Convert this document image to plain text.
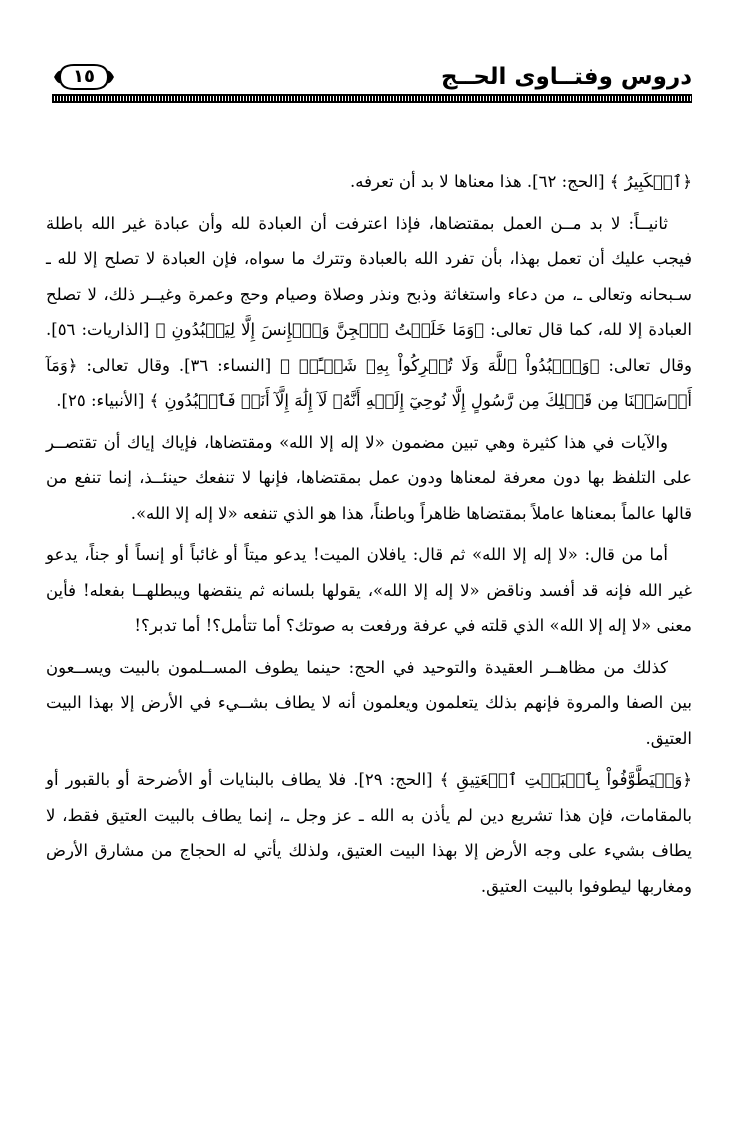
دروس وفتــاوى الحــج
١٥

﴿ٱلۡكَبِيرُ ﴾ [الحج: ٦٢]. هذا معناها لا بد أن تعرفه.

ثانيــاً: لا بد مــن العمل بمقتضاها، فإذا اعترفت أن العبادة لله وأن عبادة غير الله باطلة فيجب عليك أن تعمل بهذا، بأن تفرد الله بالعبادة وتترك ما سواه، فإن العبادة لا تصلح إلا لله ـ سـبحانه وتعالى ـ، من دعاء واستغاثة وذبح ونذر وصلاة وصيام وحج وعمرة وغيــر ذلك، لا تصلح العبادة إلا لله، كما قال تعالى: ﴿وَمَا خَلَقۡتُ ٱلۡجِنَّ وَٱلۡإِنسَ إِلَّا لِيَعۡبُدُونِ ﴾ [الذاريات: ٥٦]. وقال تعالى: ﴿وَٱعۡبُدُواْ ٱللَّهَ وَلَا تُشۡرِكُواْ بِهِۦ شَيۡـًٔاۖ ﴾ [النساء: ٣٦]. وقال تعالى: ﴿وَمَآ أَرۡسَلۡنَا مِن قَبۡلِكَ مِن رَّسُولٍ إِلَّا نُوحِيٓ إِلَيۡهِ أَنَّهُۥ لَآ إِلَٰهَ إِلَّآ أَنَا۠ فَٱعۡبُدُونِ ﴾ [الأنبياء: ٢٥].

والآيات في هذا كثيرة وهي تبين مضمون «لا إله إلا الله» ومقتضاها، فإياك إياك أن تقتصــر على التلفظ بها دون معرفة لمعناها ودون عمل بمقتضاها، فإنها لا تنفعك حينئــذ، إنما تنفع من قالها عالماً بمعناها عاملاً بمقتضاها ظاهراً وباطناً، هذا هو الذي تنفعه «لا إله إلا الله».

أما من قال: «لا إله إلا الله» ثم قال: يافلان الميت! يدعو ميتاً أو غائباً أو إنساً أو جناً، يدعو غير الله فإنه قد أفسد وناقض «لا إله إلا الله»، يقولها بلسانه ثم ينقضها ويبطلهــا بفعله! فأين معنى «لا إله إلا الله» الذي قلته في عرفة ورفعت به صوتك؟ أما تتأمل؟! أما تدبر؟!

كذلك من مظاهــر العقيدة والتوحيد في الحج: حينما يطوف المســلمون بالبيت ويســعون بين الصفا والمروة فإنهم بذلك يتعلمون ويعلمون أنه لا يطاف بشــيء في الأرض إلا بهذا البيت العتيق.

﴿وَلۡيَطَّوَّفُواْ بِٱلۡبَيۡتِ ٱلۡعَتِيقِ ﴾ [الحج: ٢٩]. فلا يطاف بالبنايات أو الأضرحة أو بالقبور أو بالمقامات، فإن هذا تشريع دين لم يأذن به الله ـ عز وجل ـ، إنما يطاف بالبيت العتيق فقط، لا يطاف بشيء على وجه الأرض إلا بهذا البيت العتيق، ولذلك يأتي له الحجاج من مشارق الأرض ومغاربها ليطوفوا بالبيت العتيق.
